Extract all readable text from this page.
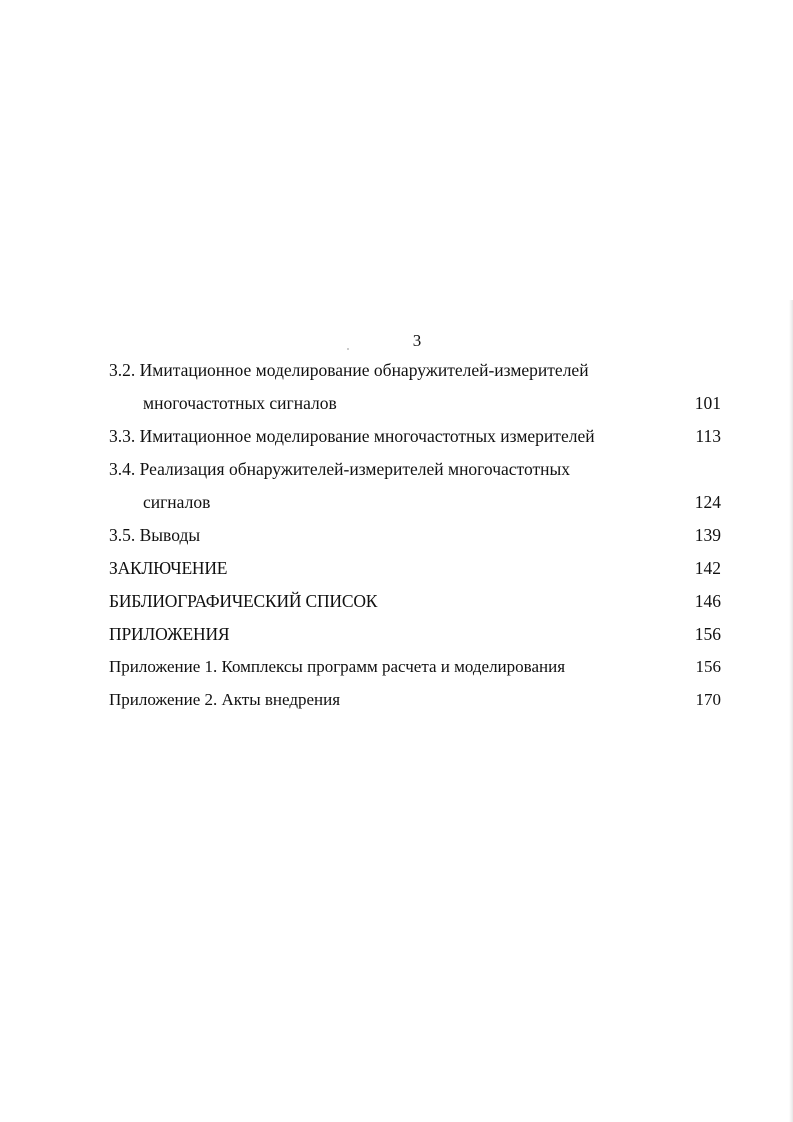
3
3.2. Имитационное моделирование обнаружителей-измерителей
многочастотных сигналов	101
3.3. Имитационное моделирование многочастотных измерителей	113
3.4. Реализация обнаружителей-измерителей многочастотных
сигналов	124
3.5. Выводы	139
ЗАКЛЮЧЕНИЕ	142
БИБЛИОГРАФИЧЕСКИЙ СПИСОК	146
ПРИЛОЖЕНИЯ	156
Приложение 1. Комплексы программ расчета и моделирования	156
Приложение 2. Акты внедрения	170
